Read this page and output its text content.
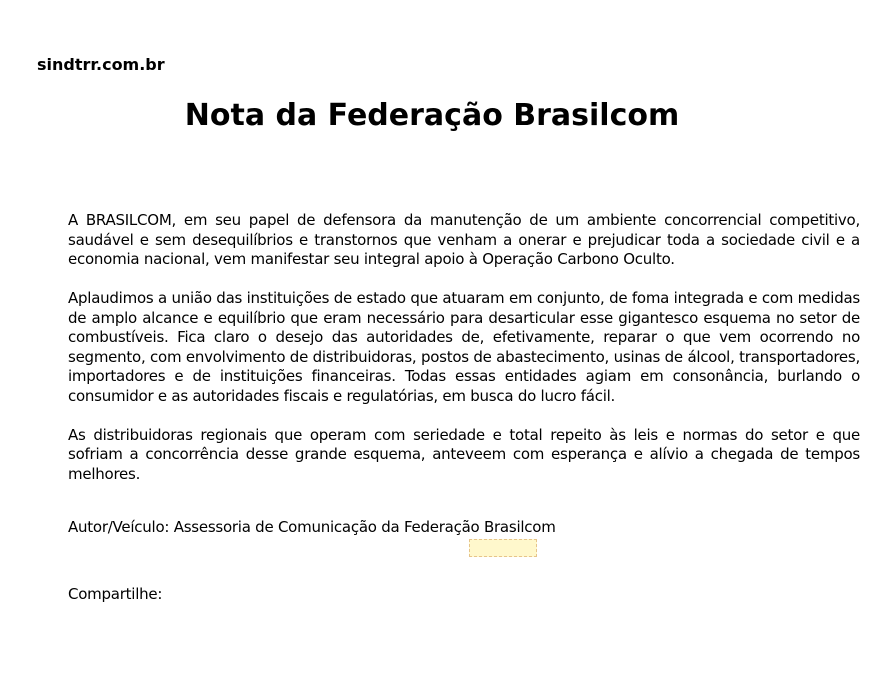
sindtrr.com.br
Nota da Federação Brasilcom

A BRASILCOM, em seu papel de defensora da manutenção de um ambiente concorrencial competitivo, saudável e sem desequilíbrios e transtornos que venham a onerar e prejudicar toda a sociedade civil e a economia nacional, vem manifestar seu integral apoio à Operação Carbono Oculto.

Aplaudimos a união das instituições de estado que atuaram em conjunto, de foma integrada e com medidas de amplo alcance e equilíbrio que eram necessário para desarticular esse gigantesco esquema no setor de combustíveis. Fica claro o desejo das autoridades de, efetivamente, reparar o que vem ocorrendo no segmento, com envolvimento de distribuidoras, postos de abastecimento, usinas de álcool, transportadores, importadores e de instituições financeiras. Todas essas entidades agiam em consonância, burlando o consumidor e as autoridades fiscais e regulatórias, em busca do lucro fácil.

As distribuidoras regionais que operam com seriedade e total repeito às leis e normas do setor e que sofriam a concorrência desse grande esquema, anteveem com esperança e alívio a chegada de tempos melhores.

Autor/Veículo: Assessoria de Comunicação da Federação Brasilcom
Compartilhe:
